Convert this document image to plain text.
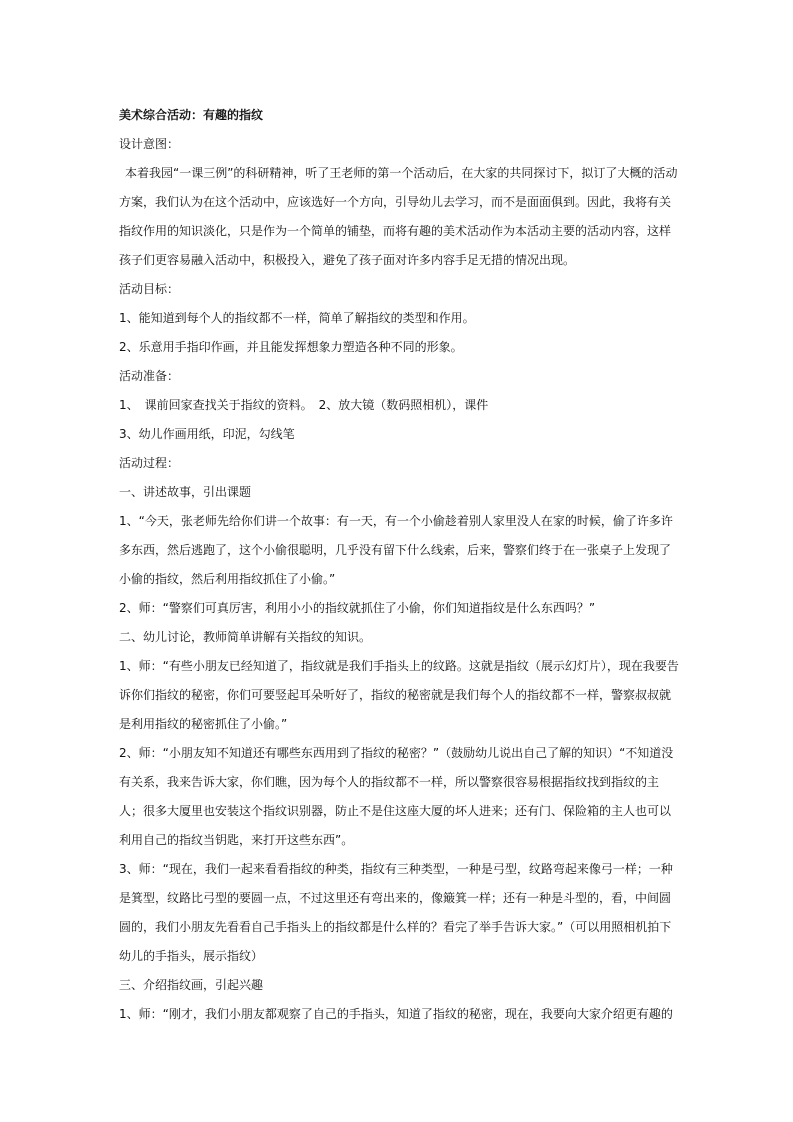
美术综合活动：有趣的指纹

设计意图：

本着我园“一课三例”的科研精神，听了王老师的第一个活动后，在大家的共同探讨下，拟订了大概的活动方案，我们认为在这个活动中，应该选好一个方向，引导幼儿去学习，而不是面面俱到。因此，我将有关指纹作用的知识淡化，只是作为一个简单的铺垫，而将有趣的美术活动作为本活动主要的活动内容，这样孩子们更容易融入活动中，积极投入，避免了孩子面对许多内容手足无措的情况出现。

活动目标：

1、能知道到每个人的指纹都不一样，简单了解指纹的类型和作用。

2、乐意用手指印作画，并且能发挥想象力塑造各种不同的形象。

活动准备：

1、　课前回家查找关于指纹的资料。　2、放大镜（数码照相机），课件

3、幼儿作画用纸，印泥，勾线笔

活动过程：

一、讲述故事，引出课题

1、“今天，张老师先给你们讲一个故事：有一天，有一个小偷趁着别人家里没人在家的时候，偷了许多许多东西，然后逃跑了，这个小偷很聪明，几乎没有留下什么线索，后来，警察们终于在一张桌子上发现了小偷的指纹，然后利用指纹抓住了小偷。”

2、师：“警察们可真厉害，利用小小的指纹就抓住了小偷，你们知道指纹是什么东西吗？”

二、幼儿讨论，教师简单讲解有关指纹的知识。

1、师：“有些小朋友已经知道了，指纹就是我们手指头上的纹路。这就是指纹（展示幻灯片），现在我要告诉你们指纹的秘密，你们可要竖起耳朵听好了，指纹的秘密就是我们每个人的指纹都不一样，警察叔叔就是利用指纹的秘密抓住了小偷。”

2、师：“小朋友知不知道还有哪些东西用到了指纹的秘密？”（鼓励幼儿说出自己了解的知识）“不知道没有关系，我来告诉大家，你们瞧，因为每个人的指纹都不一样，所以警察很容易根据指纹找到指纹的主人；很多大厦里也安装这个指纹识别器，防止不是住这座大厦的坏人进来；还有门、保险箱的主人也可以利用自己的指纹当钥匙，来打开这些东西”。

3、师：“现在，我们一起来看看指纹的种类，指纹有三种类型，一种是弓型，纹路弯起来像弓一样；一种是箕型，纹路比弓型的要圆一点，不过这里还有弯出来的，像簸箕一样；还有一种是斗型的，看，中间圆圆的，我们小朋友先看看自己手指头上的指纹都是什么样的？看完了举手告诉大家。”（可以用照相机拍下幼儿的手指头，展示指纹）

三、介绍指纹画，引起兴趣

1、师：“刚才，我们小朋友都观察了自己的手指头，知道了指纹的秘密，现在，我要向大家介绍更有趣的
